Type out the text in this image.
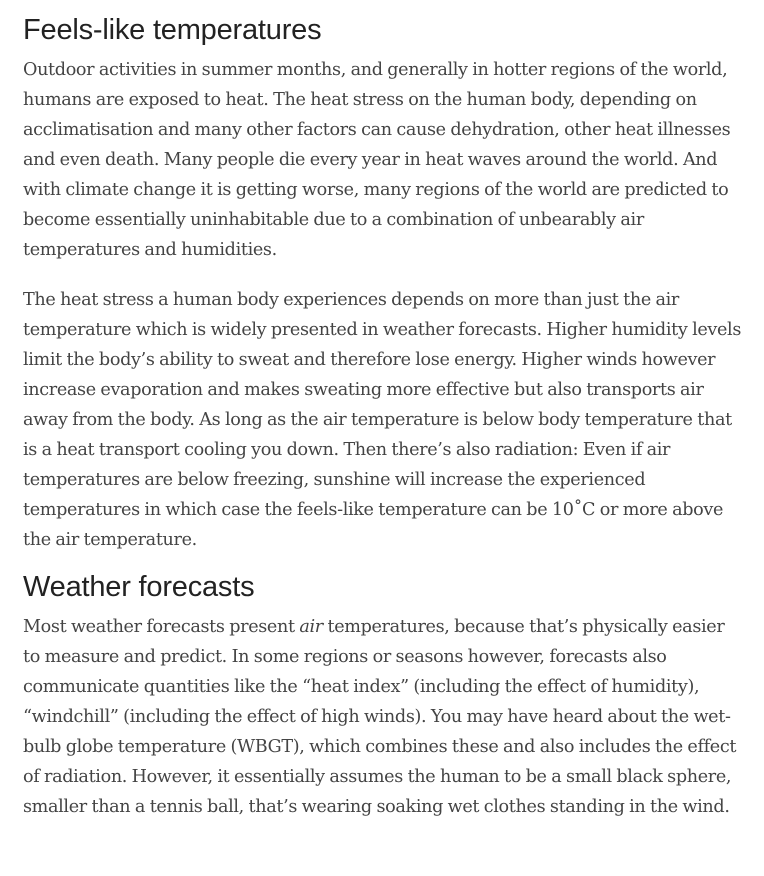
Feels-like temperatures

Outdoor activities in summer months, and generally in hotter regions of the world, humans are exposed to heat. The heat stress on the human body, depending on acclimatisation and many other factors can cause dehydration, other heat illnesses and even death. Many people die every year in heat waves around the world. And with climate change it is getting worse, many regions of the world are predicted to become essentially uninhabitable due to a combination of unbearably air temperatures and humidities.

The heat stress a human body experiences depends on more than just the air temperature which is widely presented in weather forecasts. Higher humidity levels limit the body’s ability to sweat and therefore lose energy. Higher winds however increase evaporation and makes sweating more effective but also transports air away from the body. As long as the air temperature is below body temperature that is a heat transport cooling you down. Then there’s also radiation: Even if air temperatures are below freezing, sunshine will increase the experienced temperatures in which case the feels-like temperature can be 10˚C or more above the air temperature.

Weather forecasts

Most weather forecasts present air temperatures, because that’s physically easier to measure and predict. In some regions or seasons however, forecasts also communicate quantities like the “heat index” (including the effect of humidity), “windchill” (including the effect of high winds). You may have heard about the wet-bulb globe temperature (WBGT), which combines these and also includes the effect of radiation. However, it essentially assumes the human to be a small black sphere, smaller than a tennis ball, that’s wearing soaking wet clothes standing in the wind.
